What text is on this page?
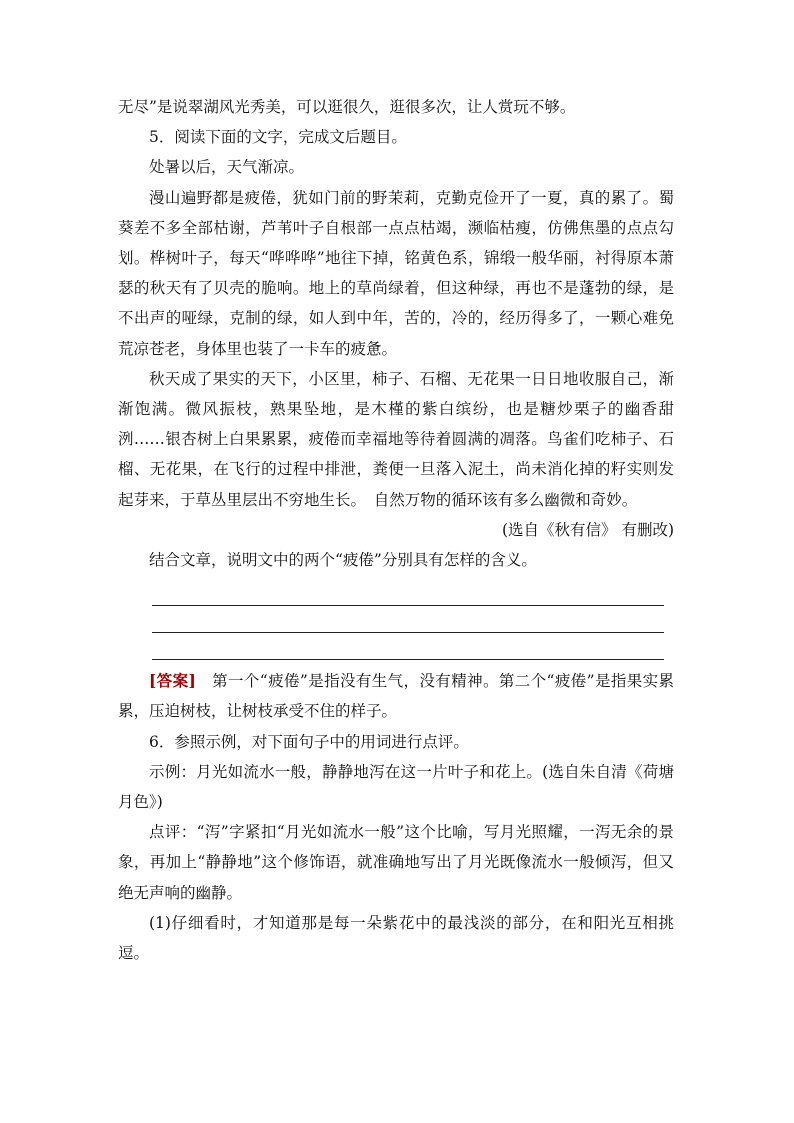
无尽”是说翠湖风光秀美，可以逛很久，逛很多次，让人赏玩不够。

5．阅读下面的文字，完成文后题目。

处暑以后，天气渐凉。

漫山遍野都是疲倦，犹如门前的野茉莉，克勤克俭开了一夏，真的累了。蜀葵差不多全部枯谢，芦苇叶子自根部一点点枯竭，濒临枯瘦，仿佛焦墨的点点勾划。桦树叶子，每天“哗哗哗”地往下掉，铭黄色系，锦缎一般华丽，衬得原本萧瑟的秋天有了贝壳的脆响。地上的草尚绿着，但这种绿，再也不是蓬勃的绿，是不出声的哑绿，克制的绿，如人到中年，苦的，冷的，经历得多了，一颗心难免荒凉苍老，身体里也装了一卡车的疲惫。

秋天成了果实的天下，小区里，柿子、石榴、无花果一日日地收服自己，渐渐饱满。微风振枝，熟果坠地，是木槿的紫白缤纷，也是糖炒栗子的幽香甜洌……银杏树上白果累累，疲倦而幸福地等待着圆满的凋落。鸟雀们吃柿子、石榴、无花果，在飞行的过程中排泄，粪便一旦落入泥土，尚未消化掉的籽实则发起芽来，于草丛里层出不穷地生长。　自然万物的循环该有多么幽微和奇妙。

(选自《秋有信》 有删改)

结合文章，说明文中的两个“疲倦”分别具有怎样的含义。

[答案]　第一个“疲倦”是指没有生气，没有精神。第二个“疲倦”是指果实累累，压迫树枝，让树枝承受不住的样子。

6．参照示例，对下面句子中的用词进行点评。

示例：月光如流水一般，静静地泻在这一片叶子和花上。(选自朱自清《荷塘月色》)

点评：“泻”字紧扣“月光如流水一般”这个比喻，写月光照耀，一泻无余的景象，再加上“静静地”这个修饰语，就准确地写出了月光既像流水一般倾泻，但又绝无声响的幽静。

(1)仔细看时，才知道那是每一朵紫花中的最浅淡的部分，在和阳光互相挑逗。
